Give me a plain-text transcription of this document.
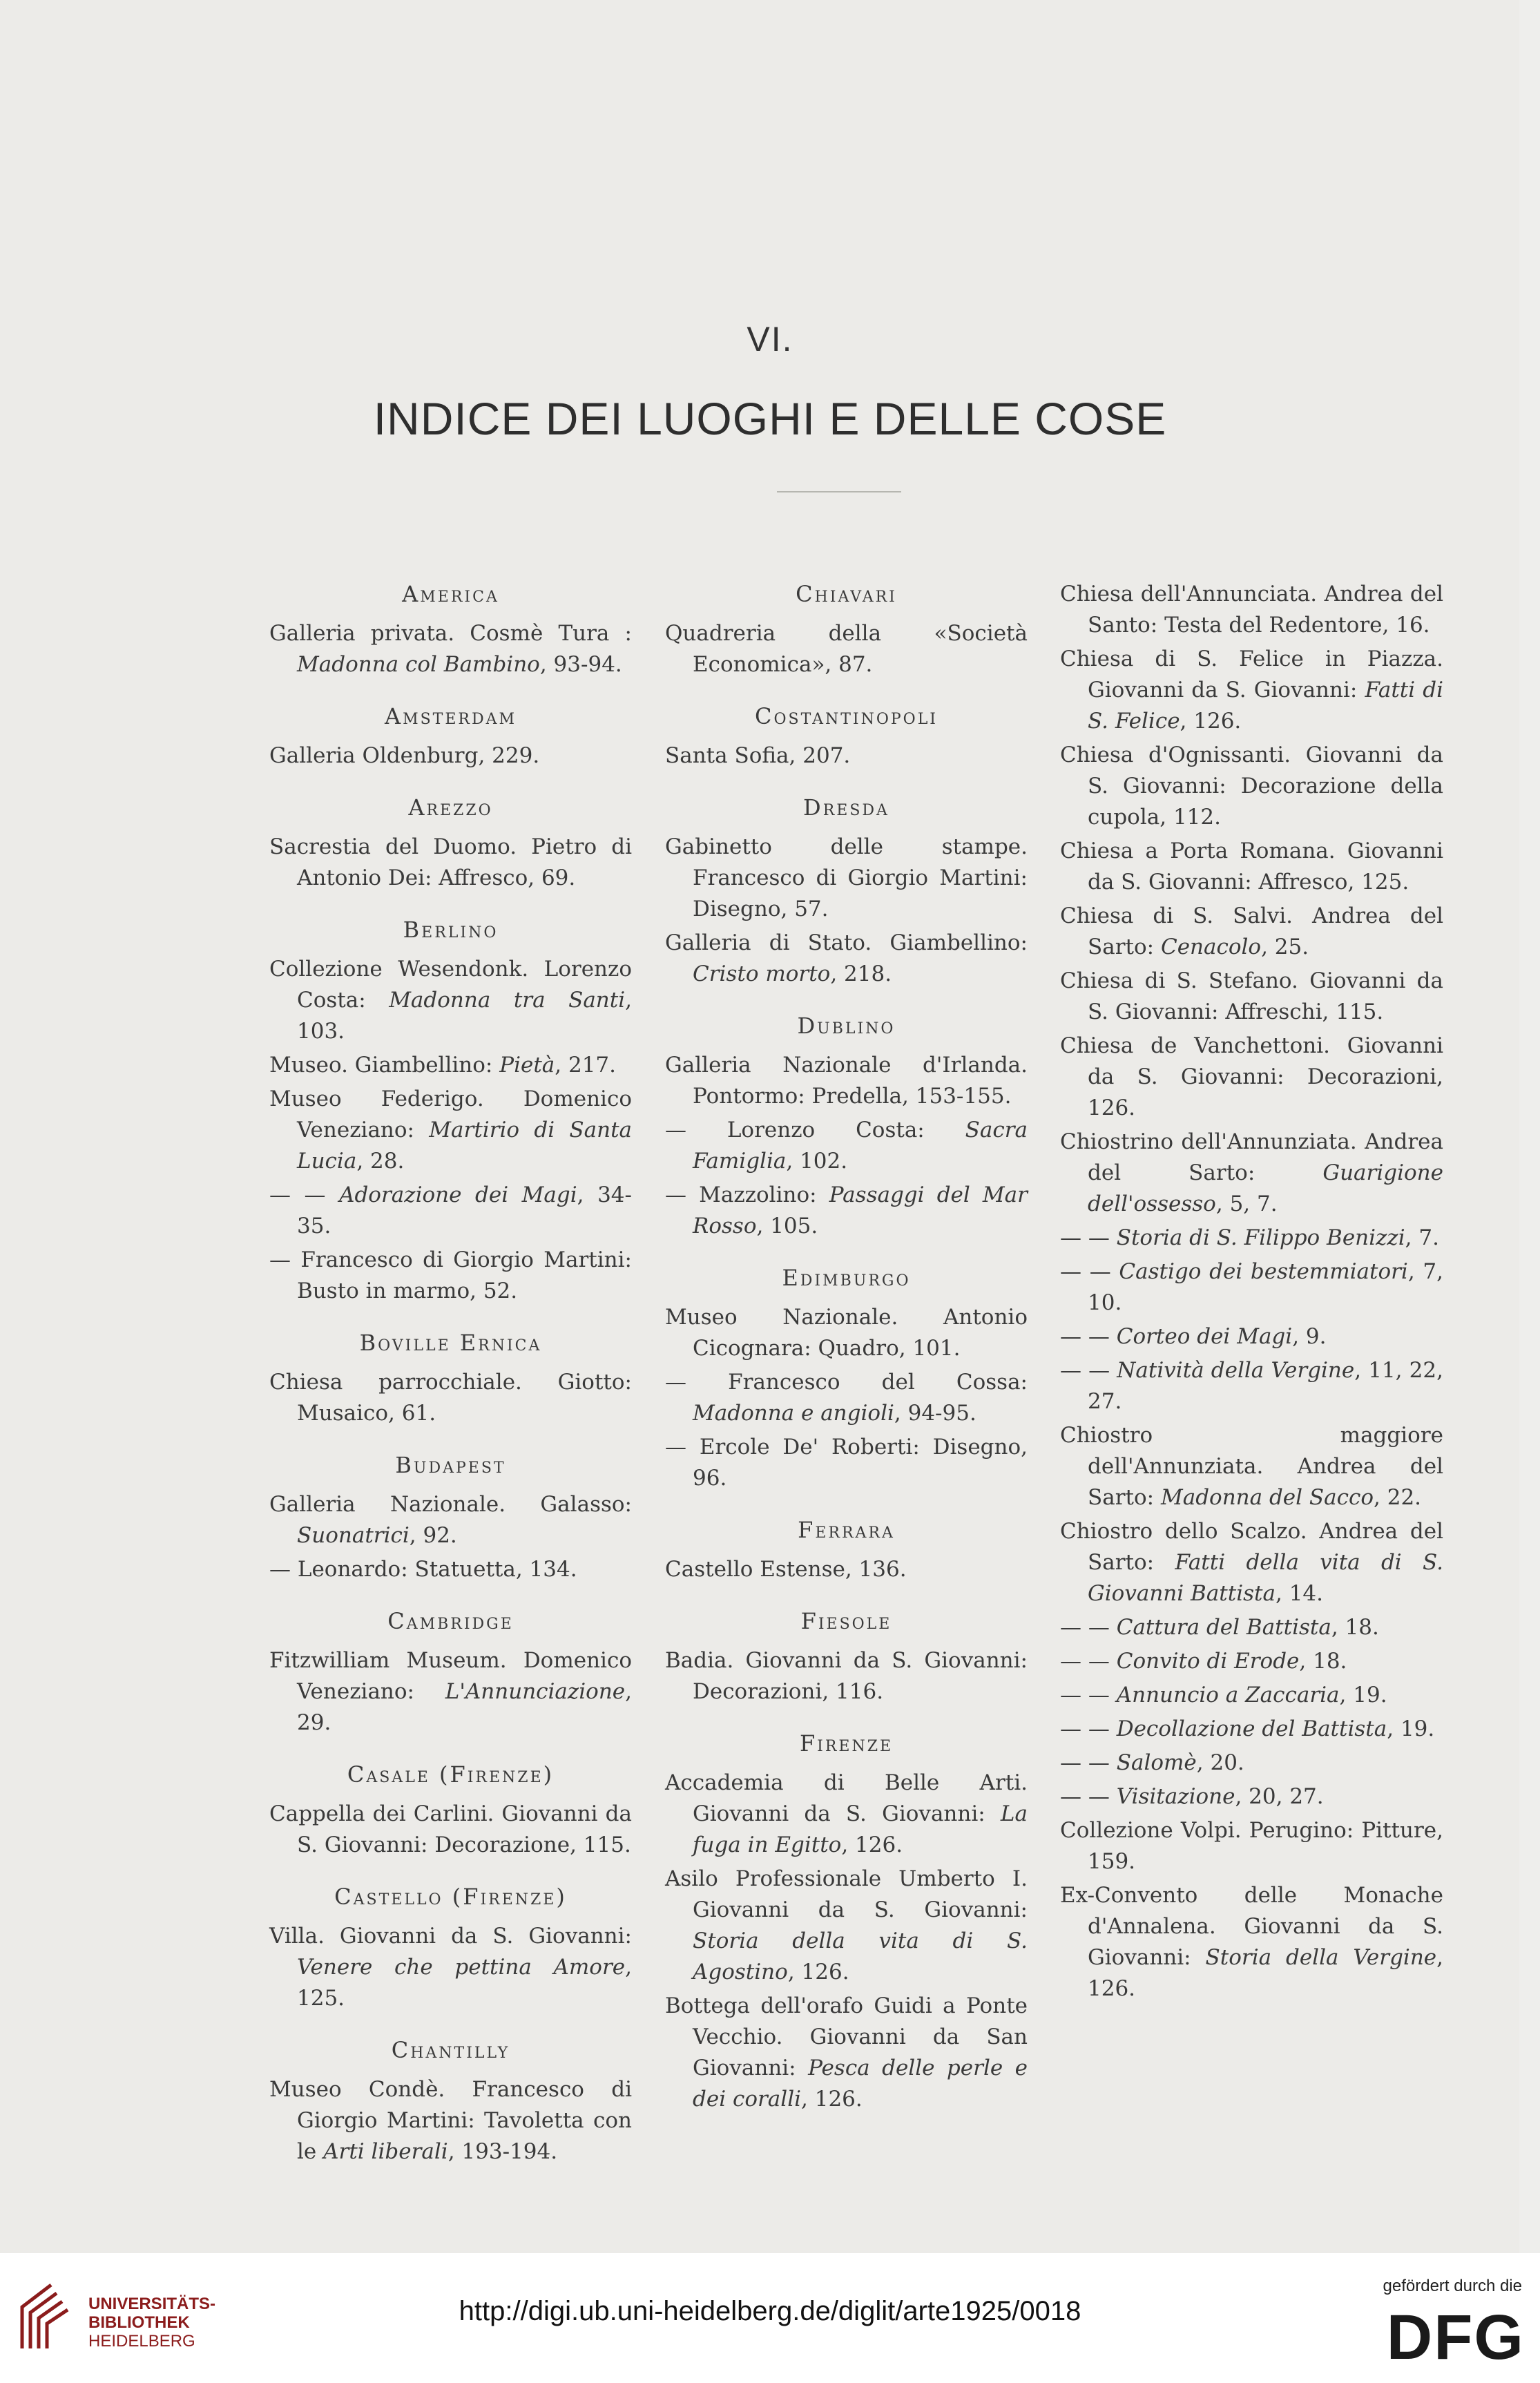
VI.
INDICE DEI LUOGHI E DELLE COSE
America
Galleria privata. Cosmè Tura : Madonna col Bambino, 93-94.
Amsterdam
Galleria Oldenburg, 229.
Arezzo
Sacrestia del Duomo. Pietro di Antonio Dei: Affresco, 69.
Berlino
Collezione Wesendonk. Lorenzo Costa: Madonna tra Santi, 103.
Museo. Giambellino: Pietà, 217.
Museo Federigo. Domenico Veneziano: Martirio di Santa Lucia, 28.
— — Adorazione dei Magi, 34-35.
— Francesco di Giorgio Martini: Busto in marmo, 52.
Boville Ernica
Chiesa parrocchiale. Giotto: Musaico, 61.
Budapest
Galleria Nazionale. Galasso: Suonatrici, 92.
— Leonardo: Statuetta, 134.
Cambridge
Fitzwilliam Museum. Domenico Veneziano: L'Annunciazione, 29.
Casale (Firenze)
Cappella dei Carlini. Giovanni da S. Giovanni: Decorazione, 115.
Castello (Firenze)
Villa. Giovanni da S. Giovanni: Venere che pettina Amore, 125.
Chantilly
Museo Condè. Francesco di Giorgio Martini: Tavoletta con le Arti liberali, 193-194.
Chiavari
Quadreria della «Società Economica», 87.
Costantinopoli
Santa Sofia, 207.
Dresda
Gabinetto delle stampe. Francesco di Giorgio Martini: Disegno, 57.
Galleria di Stato. Giambellino: Cristo morto, 218.
Dublino
Galleria Nazionale d'Irlanda. Pontormo: Predella, 153-155.
— Lorenzo Costa: Sacra Famiglia, 102.
— Mazzolino: Passaggi del Mar Rosso, 105.
Edimburgo
Museo Nazionale. Antonio Cicognara: Quadro, 101.
— Francesco del Cossa: Madonna e angioli, 94-95.
— Ercole De' Roberti: Disegno, 96.
Ferrara
Castello Estense, 136.
Fiesole
Badia. Giovanni da S. Giovanni: Decorazioni, 116.
Firenze
Accademia di Belle Arti. Giovanni da S. Giovanni: La fuga in Egitto, 126.
Asilo Professionale Umberto I. Giovanni da S. Giovanni: Storia della vita di S. Agostino, 126.
Bottega dell'orafo Guidi a Ponte Vecchio. Giovanni da San Giovanni: Pesca delle perle e dei coralli, 126.
Chiesa dell'Annunciata. Andrea del Santo: Testa del Redentore, 16.
Chiesa di S. Felice in Piazza. Giovanni da S. Giovanni: Fatti di S. Felice, 126.
Chiesa d'Ognissanti. Giovanni da S. Giovanni: Decorazione della cupola, 112.
Chiesa a Porta Romana. Giovanni da S. Giovanni: Affresco, 125.
Chiesa di S. Salvi. Andrea del Sarto: Cenacolo, 25.
Chiesa di S. Stefano. Giovanni da S. Giovanni: Affreschi, 115.
Chiesa de Vanchettoni. Giovanni da S. Giovanni: Decorazioni, 126.
Chiostrino dell'Annunziata. Andrea del Sarto: Guarigione dell'ossesso, 5, 7.
— — Storia di S. Filippo Benizzi, 7.
— — Castigo dei bestemmiatori, 7, 10.
— — Corteo dei Magi, 9.
— — Natività della Vergine, 11, 22, 27.
Chiostro maggiore dell'Annunziata. Andrea del Sarto: Madonna del Sacco, 22.
Chiostro dello Scalzo. Andrea del Sarto: Fatti della vita di S. Giovanni Battista, 14.
— — Cattura del Battista, 18.
— — Convito di Erode, 18.
— — Annuncio a Zaccaria, 19.
— — Decollazione del Battista, 19.
— — Salomè, 20.
— — Visitazione, 20, 27.
Collezione Volpi. Perugino: Pitture, 159.
Ex-Convento delle Monache d'Annalena. Giovanni da S. Giovanni: Storia della Vergine, 126.
UNIVERSITÄTS-
BIBLIOTHEK
HEIDELBERG
http://digi.ub.uni-heidelberg.de/diglit/arte1925/0018
gefördert durch die
DFG
